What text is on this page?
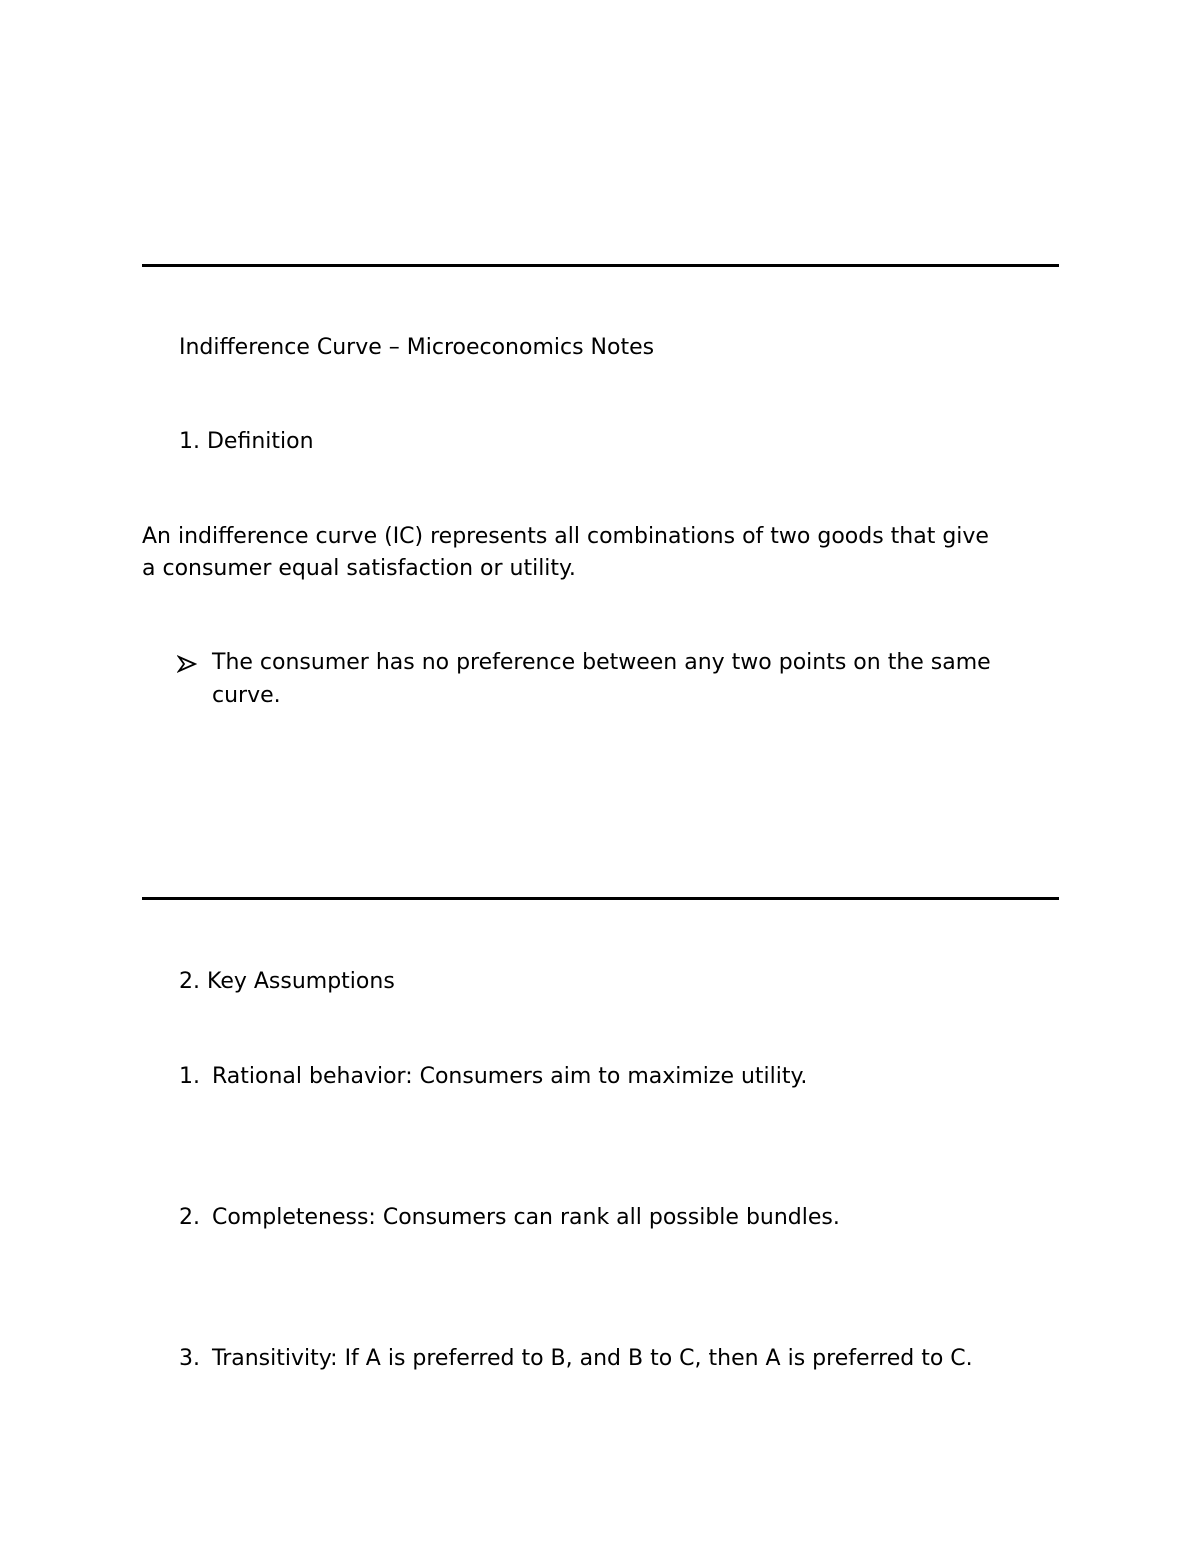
Indifference Curve – Microeconomics Notes
1. Definition
An indifference curve (IC) represents all combinations of two goods that give
a consumer equal satisfaction or utility.
The consumer has no preference between any two points on the same
curve.
2. Key Assumptions
1. Rational behavior: Consumers aim to maximize utility.
2. Completeness: Consumers can rank all possible bundles.
3. Transitivity: If A is preferred to B, and B to C, then A is preferred to C.
